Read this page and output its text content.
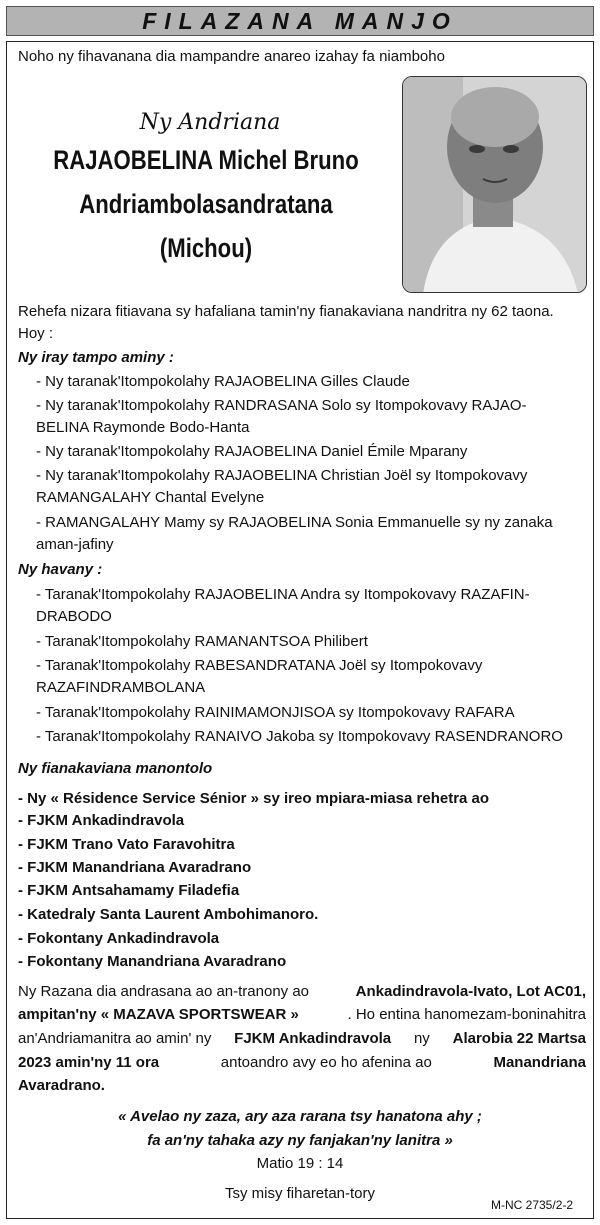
FILAZANA MANJO
Noho ny fihavanana dia mampandre anareo izahay fa niamboho
Ny Andriana
RAJAOBELINA Michel Bruno
Andriambolasandratana
(Michou)
Rehefa nizara fitiavana sy hafaliana tamin'ny fianakaviana nandritra ny 62 taona.
Hoy :
Ny iray tampo aminy :
- Ny taranak'Itompokolahy RAJAOBELINA Gilles Claude
- Ny taranak'Itompokolahy RANDRASANA Solo sy Itompokovavy RAJAO-
BELINA Raymonde Bodo-Hanta
- Ny taranak'Itompokolahy RAJAOBELINA Daniel Émile Mparany
- Ny taranak'Itompokolahy RAJAOBELINA Christian Joël sy Itompokovavy
RAMANGALAHY Chantal Evelyne
- RAMANGALAHY Mamy sy RAJAOBELINA Sonia Emmanuelle sy ny zanaka
aman-jafiny
Ny havany :
- Taranak'Itompokolahy RAJAOBELINA Andra sy Itompokovavy RAZAFIN-
DRABODO
- Taranak'Itompokolahy RAMANANTSOA Philibert
- Taranak'Itompokolahy RABESANDRATANA Joël sy Itompokovavy
RAZAFINDRAMBOLANA
- Taranak'Itompokolahy RAINIMAMONJISOA sy Itompokovavy RAFARA
- Taranak'Itompokolahy RANAIVO Jakoba sy Itompokovavy RASENDRANORO
Ny fianakaviana manontolo
- Ny « Résidence Service Sénior » sy ireo mpiara-miasa rehetra ao
- FJKM Ankadindravola
- FJKM Trano Vato Faravohitra
- FJKM Manandriana Avaradrano
- FJKM Antsahamamy Filadefia
- Katedraly Santa Laurent Ambohimanoro.
- Fokontany Ankadindravola
- Fokontany Manandriana Avaradrano
Ny Razana dia andrasana ao an-tranony ao	Ankadindravola-Ivato, Lot AC01,
ampitan'ny « MAZAVA SPORTSWEAR »	. Ho entina hanomezam-boninahitra
an'Andriamanitra ao amin' ny FJKM Ankadindravola ny Alarobia 22 Martsa
2023 amin'ny 11 ora	antoandro avy eo ho afenina ao	Manandriana
Avaradrano.
« Avelao ny zaza, ary aza rarana tsy hanatona ahy ;
fa an'ny tahaka azy ny fanjakan'ny lanitra »
Matio 19 : 14
Tsy misy fiharetan-tory
M-NC 2735/2-2
